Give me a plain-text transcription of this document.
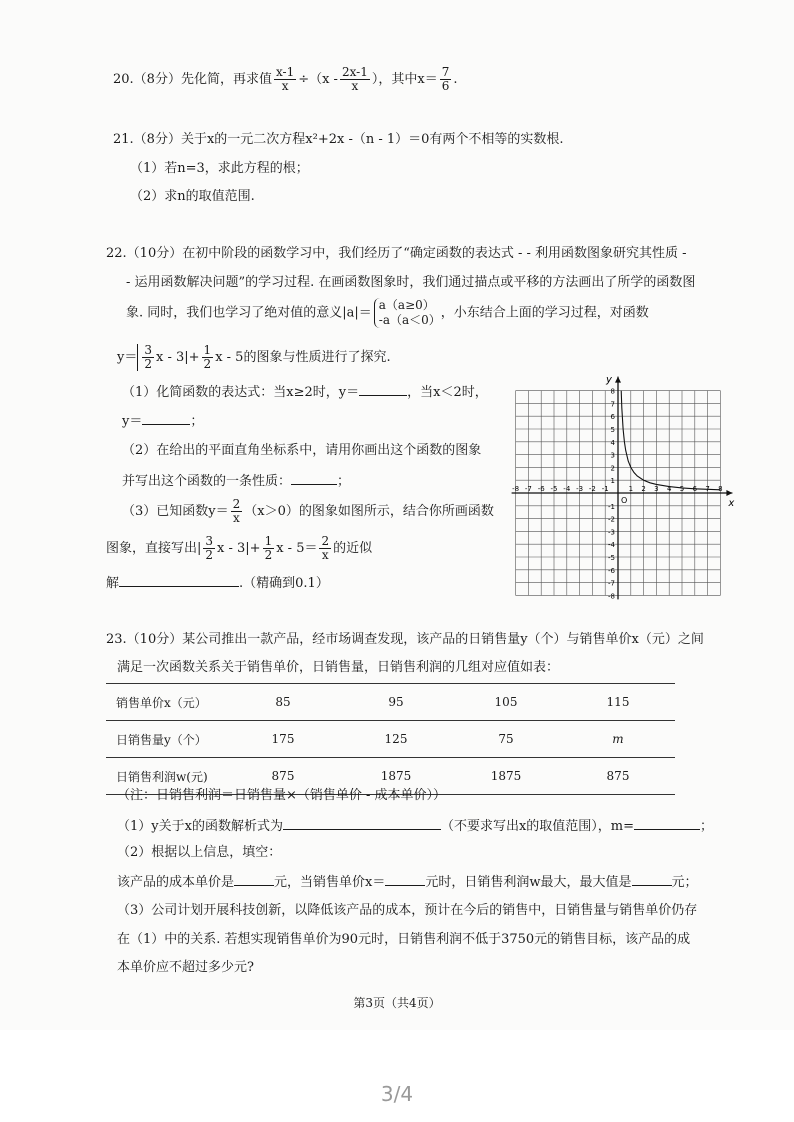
20.（8分）先化简，再求值 $\frac{x-1}{x} \div(x - \frac{2x-1}{x}$ ），其中$x= \frac{7}{6}$ .
21.（8分）关于x的一元二次方程x²+2x -（n - 1）＝0有两个不相等的实数根.
（1）若n=3，求此方程的根；
（2）求n的取值范围.
22.（10分）在初中阶段的函数学习中，我们经历了“确定函数的表达式 - - 利用函数图象研究其性质 -
- 运用函数解决问题”的学习过程. 在画函数图象时，我们通过描点或平移的方法画出了所学的函数图
象. 同时，我们也学习了绝对值的意义|a|＝
a（a≥0）
-a（a＜0） ，小东结合上面的学习过程，对函数
$y= \frac{3}{2}$ $x - 3|+ \frac{1}{2}$ x - 5的图象与性质进行了探究.
（1）化简函数的表达式：当x≥2时，y＝	，当x＜2时，
y＝	；
（2）在给出的平面直角坐标系中，请用你画出这个函数的图象
并写出这个函数的一条性质：	；
（3）已知函数$y= \frac{2}{x} (x>0)$的图象如图所示，结合你所画函数
图象，直接写出| $\frac{3}{2}$ $x - 3|+ \frac{1}{2}$ $x - 5= \frac{2}{x}$ 的近似
解	.（精确到0.1）
x
y
O
-8 -7 -6 -5 -4 -3 -2 -1	1 2 3 4 5 6 7 8
8
7
6
5
4
3
2
1
-1
-2
-3
-4
-5
-6
-7
-8
23.（10分）某公司推出一款产品，经市场调查发现，该产品的日销售量y（个）与销售单价x（元）之间
满足一次函数关系关于销售单价，日销售量，日销售利润的几组对应值如表：
销售单价x（元）	85	95	105	115
日销售量y（个）	175	125	75	m
日销售利润w(元)	875	1875	1875	875
（注：日销售利润＝日销售量×（销售单价 - 成本单价））
（1）y关于x的函数解析式为	（不要求写出x的取值范围），m=	；
（2）根据以上信息，填空：
该产品的成本单价是	元，当销售单价x＝	元时，日销售利润w最大，最大值是	元；
（3）公司计划开展科技创新，以降低该产品的成本，预计在今后的销售中，日销售量与销售单价仍存
在（1）中的关系. 若想实现销售单价为90元时，日销售利润不低于3750元的销售目标，该产品的成
本单价应不超过多少元?
第3页（共4页）
3/4
